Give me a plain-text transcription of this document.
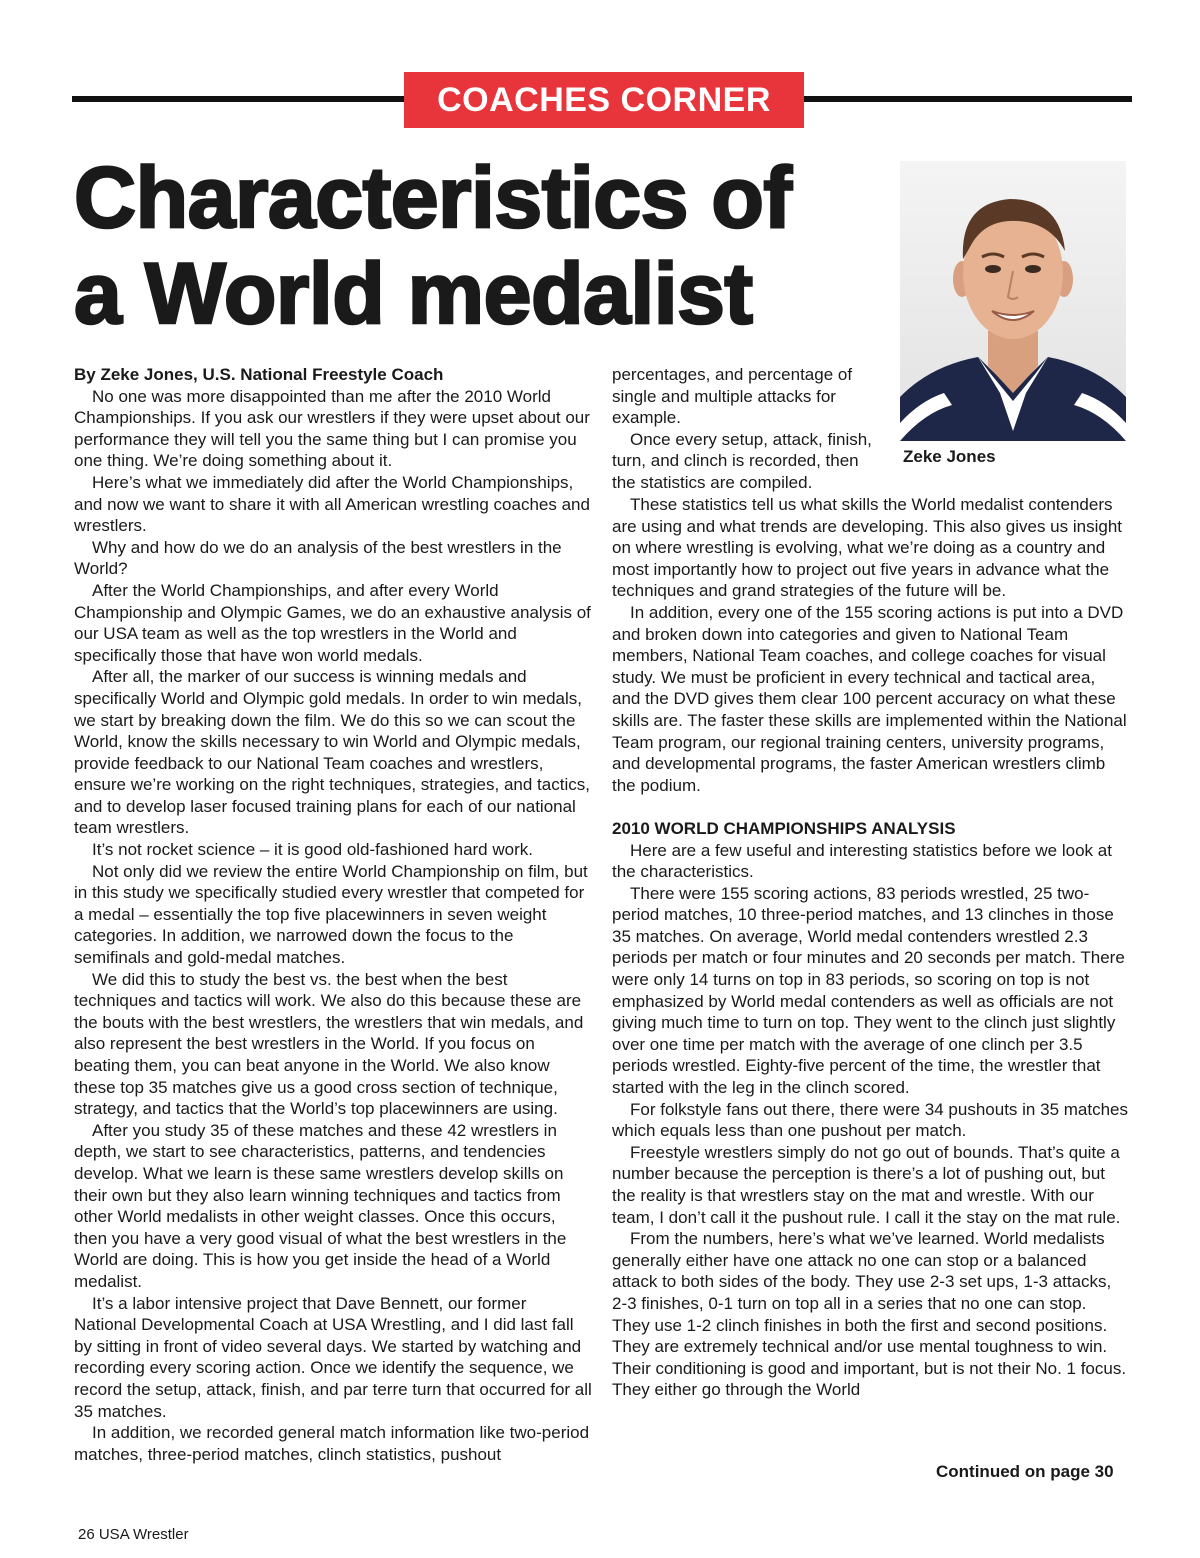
COACHES CORNER
Characteristics of
a World medalist
Zeke Jones

By Zeke Jones, U.S. National Freestyle Coach

No one was more disappointed than me after the 2010 World Championships. If you ask our wrestlers if they were upset about our performance they will tell you the same thing but I can promise you one thing. We’re doing something about it.

Here’s what we immediately did after the World Championships, and now we want to share it with all American wrestling coaches and wrestlers.

Why and how do we do an analysis of the best wrestlers in the World?

After the World Championships, and after every World Championship and Olympic Games, we do an exhaustive analysis of our USA team as well as the top wrestlers in the World and specifically those that have won world medals.

After all, the marker of our success is winning medals and specifically World and Olympic gold medals. In order to win medals, we start by breaking down the film. We do this so we can scout the World, know the skills necessary to win World and Olympic medals, provide feedback to our National Team coaches and wrestlers, ensure we’re working on the right techniques, strategies, and tactics, and to develop laser focused training plans for each of our national team wrestlers.

It’s not rocket science – it is good old-fashioned hard work.

Not only did we review the entire World Championship on film, but in this study we specifically studied every wrestler that competed for a medal – essentially the top five placewinners in seven weight categories. In addition, we narrowed down the focus to the semifinals and gold-medal matches.

We did this to study the best vs. the best when the best techniques and tactics will work. We also do this because these are the bouts with the best wrestlers, the wrestlers that win medals, and also represent the best wrestlers in the World. If you focus on beating them, you can beat anyone in the World. We also know these top 35 matches give us a good cross section of technique, strategy, and tactics that the World’s top placewinners are using.

After you study 35 of these matches and these 42 wrestlers in depth, we start to see characteristics, patterns, and tendencies develop. What we learn is these same wrestlers develop skills on their own but they also learn winning techniques and tactics from other World medalists in other weight classes. Once this occurs, then you have a very good visual of what the best wrestlers in the World are doing. This is how you get inside the head of a World medalist.

It’s a labor intensive project that Dave Bennett, our former National Developmental Coach at USA Wrestling, and I did last fall by sitting in front of video several days. We started by watching and recording every scoring action. Once we identify the sequence, we record the setup, attack, finish, and par terre turn that occurred for all 35 matches.

In addition, we recorded general match information like two-period matches, three-period matches, clinch statistics, pushout

percentages, and percentage of single and multiple attacks for example.

Once every setup, attack, finish, turn, and clinch is recorded, then the statistics are compiled.

These statistics tell us what skills the World medalist contenders are using and what trends are developing. This also gives us insight on where wrestling is evolving, what we’re doing as a country and most importantly how to project out five years in advance what the techniques and grand strategies of the future will be.

In addition, every one of the 155 scoring actions is put into a DVD and broken down into categories and given to National Team members, National Team coaches, and college coaches for visual study. We must be proficient in every technical and tactical area, and the DVD gives them clear 100 percent accuracy on what these skills are. The faster these skills are implemented within the National Team program, our regional training centers, university programs, and developmental programs, the faster American wrestlers climb the podium.

2010 WORLD CHAMPIONSHIPS ANALYSIS

Here are a few useful and interesting statistics before we look at the characteristics.

There were 155 scoring actions, 83 periods wrestled, 25 two-period matches, 10 three-period matches, and 13 clinches in those 35 matches. On average, World medal contenders wrestled 2.3 periods per match or four minutes and 20 seconds per match. There were only 14 turns on top in 83 periods, so scoring on top is not emphasized by World medal contenders as well as officials are not giving much time to turn on top. They went to the clinch just slightly over one time per match with the average of one clinch per 3.5 periods wrestled. Eighty-five percent of the time, the wrestler that started with the leg in the clinch scored.

For folkstyle fans out there, there were 34 pushouts in 35 matches which equals less than one pushout per match.

Freestyle wrestlers simply do not go out of bounds. That’s quite a number because the perception is there’s a lot of pushing out, but the reality is that wrestlers stay on the mat and wrestle. With our team, I don’t call it the pushout rule. I call it the stay on the mat rule.

From the numbers, here’s what we’ve learned. World medalists generally either have one attack no one can stop or a balanced attack to both sides of the body. They use 2-3 set ups, 1-3 attacks, 2-3 finishes, 0-1 turn on top all in a series that no one can stop. They use 1-2 clinch finishes in both the first and second positions. They are extremely technical and/or use mental toughness to win. Their conditioning is good and important, but is not their No. 1 focus. They either go through the World

Continued on page 30
26 USA Wrestler
